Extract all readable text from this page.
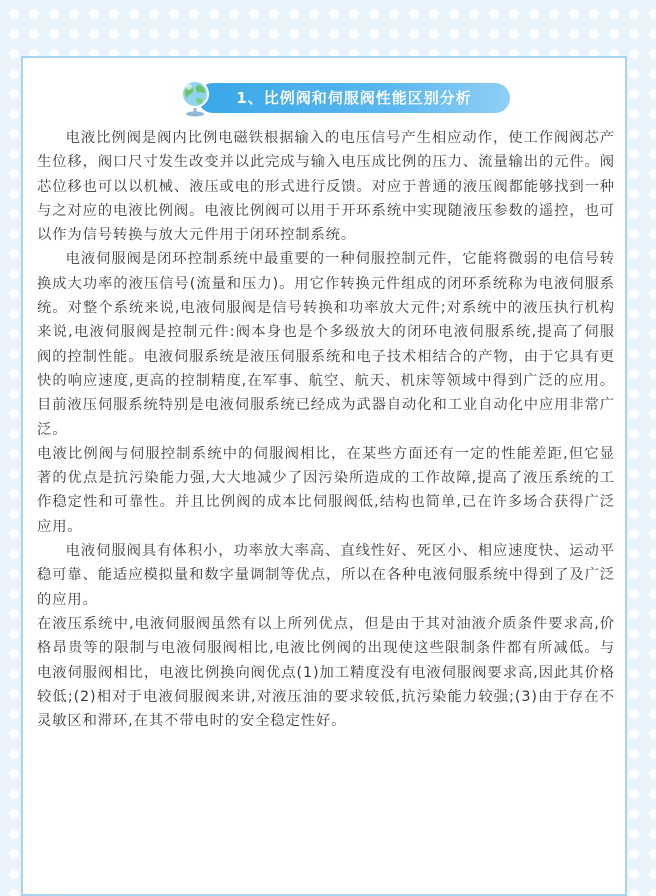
1、比例阀和伺服阀性能区别分析

电液比例阀是阀内比例电磁铁根据输入的电压信号产生相应动作，使工作阀阀芯产生位移，阀口尺寸发生改变并以此完成与输入电压成比例的压力、流量输出的元件。阀芯位移也可以以机械、液压或电的形式进行反馈。对应于普通的液压阀都能够找到一种与之对应的电液比例阀。电液比例阀可以用于开环系统中实现随液压参数的遥控，也可以作为信号转换与放大元件用于闭环控制系统。

电液伺服阀是闭环控制系统中最重要的一种伺服控制元件，它能将微弱的电信号转换成大功率的液压信号(流量和压力)。用它作转换元件组成的闭环系统称为电液伺服系统。对整个系统来说,电液伺服阀是信号转换和功率放大元件;对系统中的液压执行机构来说,电液伺服阀是控制元件:阀本身也是个多级放大的闭环电液伺服系统,提高了伺服阀的控制性能。电液伺服系统是液压伺服系统和电子技术相结合的产物，由于它具有更快的响应速度,更高的控制精度,在军事、航空、航天、机床等领域中得到广泛的应用。目前液压伺服系统特别是电液伺服系统已经成为武器自动化和工业自动化中应用非常广泛。

电液比例阀与伺服控制系统中的伺服阀相比，在某些方面还有一定的性能差距,但它显著的优点是抗污染能力强,大大地减少了因污染所造成的工作故障,提高了液压系统的工作稳定性和可靠性。并且比例阀的成本比伺服阀低,结构也简单,已在许多场合获得广泛应用。

电液伺服阀具有体积小，功率放大率高、直线性好、死区小、相应速度快、运动平稳可靠、能适应模拟量和数字量调制等优点，所以在各种电液伺服系统中得到了及广泛的应用。

在液压系统中,电液伺服阀虽然有以上所列优点，但是由于其对油液介质条件要求高,价格昂贵等的限制与电液伺服阀相比,电液比例阀的出现使这些限制条件都有所减低。与电液伺服阀相比，电液比例换向阀优点(1)加工精度没有电液伺服阀要求高,因此其价格较低;(2)相对于电液伺服阀来讲,对液压油的要求较低,抗污染能力较强;(3)由于存在不灵敏区和滞环,在其不带电时的安全稳定性好。
